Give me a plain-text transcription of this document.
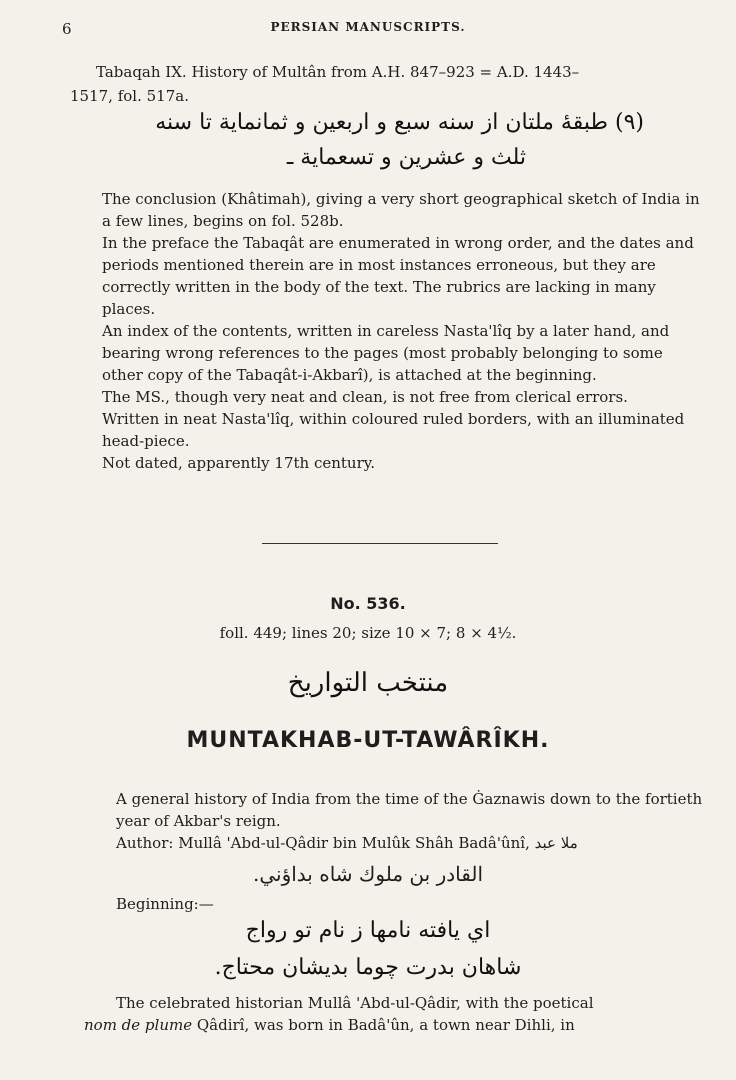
6	PERSIAN MANUSCRIPTS.
Tabaqah IX. History of Multân from A.H. 847–923 = A.D. 1443–
1517, fol. 517a.
(٩) طبقهٔ ملتان از سنه سبع و اربعين و ثمانماية تا سنه
ثلث و عشرين و تسعماية ـ
The conclusion (Khâtimah), giving a very short geographical sketch of India in a few lines, begins on fol. 528b.
In the preface the Tabaqât are enumerated in wrong order, and the dates and periods mentioned therein are in most instances erroneous, but they are correctly written in the body of the text. The rubrics are lacking in many places.
An index of the contents, written in careless Nasta'lîq by a later hand, and bearing wrong references to the pages (most probably belonging to some other copy of the Tabaqât-i-Akbarî), is attached at the beginning.
The MS., though very neat and clean, is not free from clerical errors.
Written in neat Nasta'lîq, within coloured ruled borders, with an illuminated head-piece.
Not dated, apparently 17th century.
No. 536.
foll. 449; lines 20; size 10 × 7; 8 × 4½.
منتخب التواريخ
MUNTAKHAB-UT-TAWÂRÎKH.
A general history of India from the time of the Ġaznawis down to the fortieth year of Akbar's reign.
Author: Mullâ 'Abd-ul-Qâdir bin Mulûk Shâh Badâ'ûnî, ملا عبد
القادر بن ملوك شاه بداؤني.
Beginning:—
اي يافته نامها ز نام تو رواج
شاهان بدرت چوما بديشان محتاج.
The celebrated historian Mullâ 'Abd-ul-Qâdir, with the poetical
nom de plume Qâdirî, was born in Badâ'ûn, a town near Dihli, in
